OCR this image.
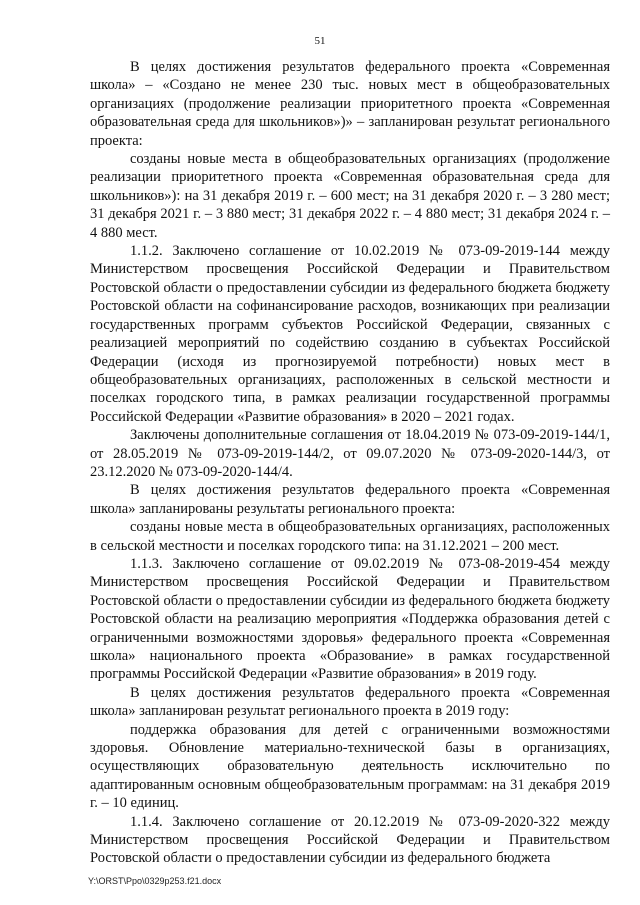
51

В целях достижения результатов федерального проекта «Современная школа» – «Создано не менее 230 тыс. новых мест в общеобразовательных организациях (продолжение реализации приоритетного проекта «Современная образовательная среда для школьников»)» – запланирован результат регионального проекта:

созданы новые места в общеобразовательных организациях (продолжение реализации приоритетного проекта «Современная образовательная среда для школьников»): на 31 декабря 2019 г. – 600 мест; на 31 декабря 2020 г. – 3 280 мест; 31 декабря 2021 г. – 3 880 мест; 31 декабря 2022 г. – 4 880 мест; 31 декабря 2024 г. – 4 880 мест.

1.1.2. Заключено соглашение от 10.02.2019 № 073-09-2019-144 между Министерством просвещения Российской Федерации и Правительством Ростовской области о предоставлении субсидии из федерального бюджета бюджету Ростовской области на софинансирование расходов, возникающих при реализации государственных программ субъектов Российской Федерации, связанных с реализацией мероприятий по содействию созданию в субъектах Российской Федерации (исходя из прогнозируемой потребности) новых мест в общеобразовательных организациях, расположенных в сельской местности и поселках городского типа, в рамках реализации государственной программы Российской Федерации «Развитие образования» в 2020 – 2021 годах.

Заключены дополнительные соглашения от 18.04.2019 № 073-09-2019-144/1, от 28.05.2019 № 073-09-2019-144/2, от 09.07.2020 № 073-09-2020-144/3, от 23.12.2020 № 073-09-2020-144/4.

В целях достижения результатов федерального проекта «Современная школа» запланированы результаты регионального проекта:

созданы новые места в общеобразовательных организациях, расположенных в сельской местности и поселках городского типа: на 31.12.2021 – 200 мест.

1.1.3. Заключено соглашение от 09.02.2019 № 073-08-2019-454 между Министерством просвещения Российской Федерации и Правительством Ростовской области о предоставлении субсидии из федерального бюджета бюджету Ростовской области на реализацию мероприятия «Поддержка образования детей с ограниченными возможностями здоровья» федерального проекта «Современная школа» национального проекта «Образование» в рамках государственной программы Российской Федерации «Развитие образования» в 2019 году.

В целях достижения результатов федерального проекта «Современная школа» запланирован результат регионального проекта в 2019 году:

поддержка образования для детей с ограниченными возможностями здоровья. Обновление материально-технической базы в организациях, осуществляющих образовательную деятельность исключительно по адаптированным основным общеобразовательным программам: на 31 декабря 2019 г. – 10 единиц.

1.1.4. Заключено соглашение от 20.12.2019 № 073-09-2020-322 между Министерством просвещения Российской Федерации и Правительством Ростовской области о предоставлении субсидии из федерального бюджета

Y:\ORST\Ppo\0329p253.f21.docx
